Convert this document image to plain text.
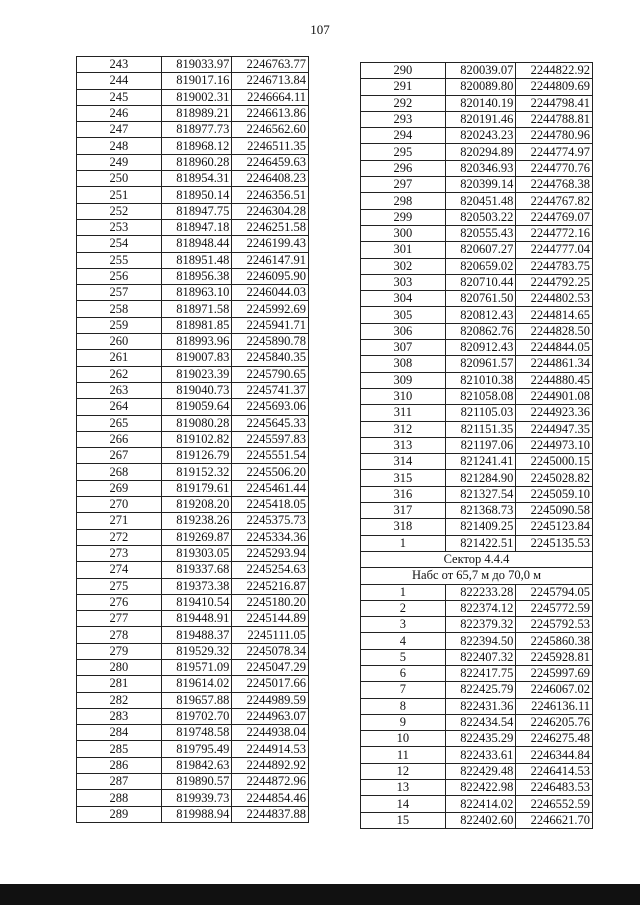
107
243	819033.97	2246763.77
244	819017.16	2246713.84
245	819002.31	2246664.11
246	818989.21	2246613.86
247	818977.73	2246562.60
248	818968.12	2246511.35
249	818960.28	2246459.63
250	818954.31	2246408.23
251	818950.14	2246356.51
252	818947.75	2246304.28
253	818947.18	2246251.58
254	818948.44	2246199.43
255	818951.48	2246147.91
256	818956.38	2246095.90
257	818963.10	2246044.03
258	818971.58	2245992.69
259	818981.85	2245941.71
260	818993.96	2245890.78
261	819007.83	2245840.35
262	819023.39	2245790.65
263	819040.73	2245741.37
264	819059.64	2245693.06
265	819080.28	2245645.33
266	819102.82	2245597.83
267	819126.79	2245551.54
268	819152.32	2245506.20
269	819179.61	2245461.44
270	819208.20	2245418.05
271	819238.26	2245375.73
272	819269.87	2245334.36
273	819303.05	2245293.94
274	819337.68	2245254.63
275	819373.38	2245216.87
276	819410.54	2245180.20
277	819448.91	2245144.89
278	819488.37	2245111.05
279	819529.32	2245078.34
280	819571.09	2245047.29
281	819614.02	2245017.66
282	819657.88	2244989.59
283	819702.70	2244963.07
284	819748.58	2244938.04
285	819795.49	2244914.53
286	819842.63	2244892.92
287	819890.57	2244872.96
288	819939.73	2244854.46
289	819988.94	2244837.88
290	820039.07	2244822.92
291	820089.80	2244809.69
292	820140.19	2244798.41
293	820191.46	2244788.81
294	820243.23	2244780.96
295	820294.89	2244774.97
296	820346.93	2244770.76
297	820399.14	2244768.38
298	820451.48	2244767.82
299	820503.22	2244769.07
300	820555.43	2244772.16
301	820607.27	2244777.04
302	820659.02	2244783.75
303	820710.44	2244792.25
304	820761.50	2244802.53
305	820812.43	2244814.65
306	820862.76	2244828.50
307	820912.43	2244844.05
308	820961.57	2244861.34
309	821010.38	2244880.45
310	821058.08	2244901.08
311	821105.03	2244923.36
312	821151.35	2244947.35
313	821197.06	2244973.10
314	821241.41	2245000.15
315	821284.90	2245028.82
316	821327.54	2245059.10
317	821368.73	2245090.58
318	821409.25	2245123.84
1	821422.51	2245135.53
Сектор 4.4.4		
Набс от 65,7 м до 70,0 м		
1	822233.28	2245794.05
2	822374.12	2245772.59
3	822379.32	2245792.53
4	822394.50	2245860.38
5	822407.32	2245928.81
6	822417.75	2245997.69
7	822425.79	2246067.02
8	822431.36	2246136.11
9	822434.54	2246205.76
10	822435.29	2246275.48
11	822433.61	2246344.84
12	822429.48	2246414.53
13	822422.98	2246483.53
14	822414.02	2246552.59
15	822402.60	2246621.70
